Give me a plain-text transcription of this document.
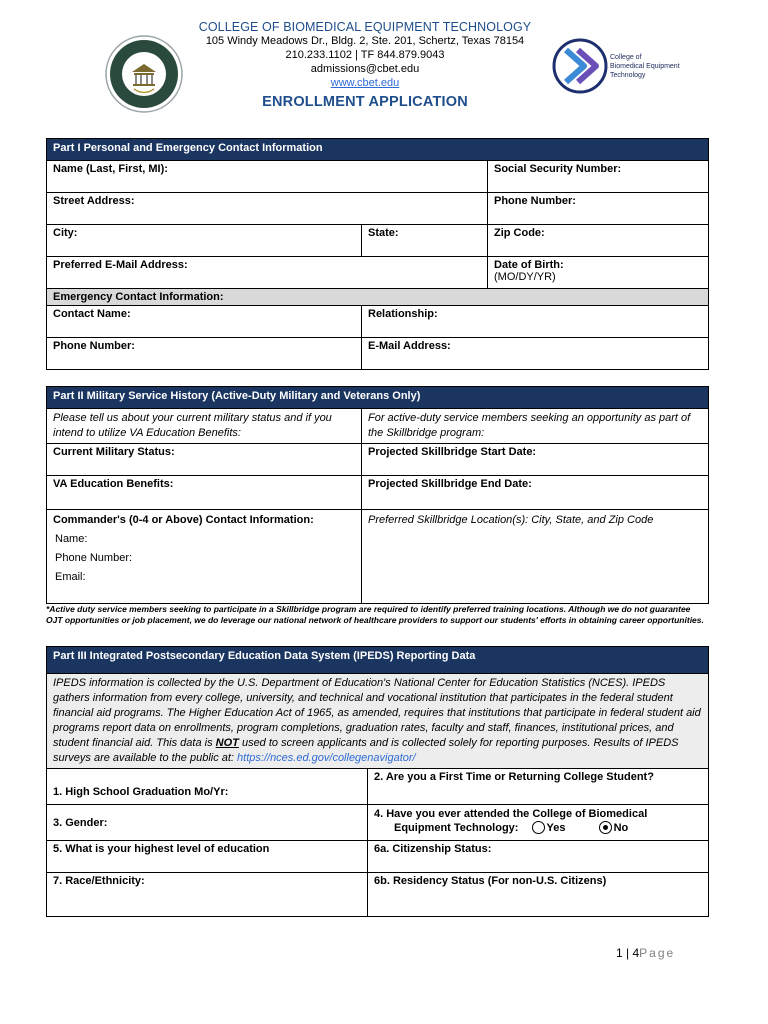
COLLEGE OF BIOMEDICAL EQUIPMENT TECHNOLOGY
105 Windy Meadows Dr., Bldg. 2, Ste. 201, Schertz, Texas 78154
210.233.1102 | TF 844.879.9043
admissions@cbet.edu
www.cbet.edu
ENROLLMENT APPLICATION
College of
Biomedical Equipment
Technology
Part I Personal and Emergency Contact Information		
Name (Last, First, MI):		Social Security Number:
Street Address:		Phone Number:
City:	State:	Zip Code:
Preferred E-Mail Address:		Date of Birth:
(MO/DY/YR)

Emergency Contact Information:		
Contact Name:	Relationship:	
Phone Number:	E-Mail Address:	
Part II Military Service History (Active-Duty Military and Veterans Only)	
Please tell us about your current military status and if you intend to utilize VA Education Benefits:	For active-duty service members seeking an opportunity as part of the Skillbridge program:
Current Military Status:	Projected Skillbridge Start Date:
VA Education Benefits:	Projected Skillbridge End Date:

Commander's (0-4 or Above) Contact Information:
Name:
Phone Number:
Email:	Preferred Skillbridge Location(s): City, State, and Zip Code
*Active duty service members seeking to participate in a Skillbridge program are required to identify preferred training locations. Although we do not guarantee OJT opportunities or job placement, we do leverage our national network of healthcare providers to support our students' efforts in obtaining career opportunities.
Part III Integrated Postsecondary Education Data System (IPEDS) Reporting Data	
IPEDS information is collected by the U.S. Department of Education's National Center for Education Statistics (NCES). IPEDS gathers information from every college, university, and technical and vocational institution that participates in the federal student financial aid programs. The Higher Education Act of 1965, as amended, requires that institutions that participate in federal student aid programs report data on enrollments, program completions, graduation rates, faculty and staff, finances, institutional prices, and student financial aid. This data is NOT used to screen applicants and is collected solely for reporting purposes. Results of IPEDS surveys are available to the public at: https://nces.ed.gov/collegenavigator/	
1. High School Graduation Mo/Yr:	2. Are you a First Time or Returning College Student?
3. Gender:	4. Have you ever attended the College of Biomedical
Equipment Technology: Yes No

5. What is your highest level of education	6a. Citizenship Status:
7. Race/Ethnicity:	6b. Residency Status (For non-U.S. Citizens)
1 | 4Page
